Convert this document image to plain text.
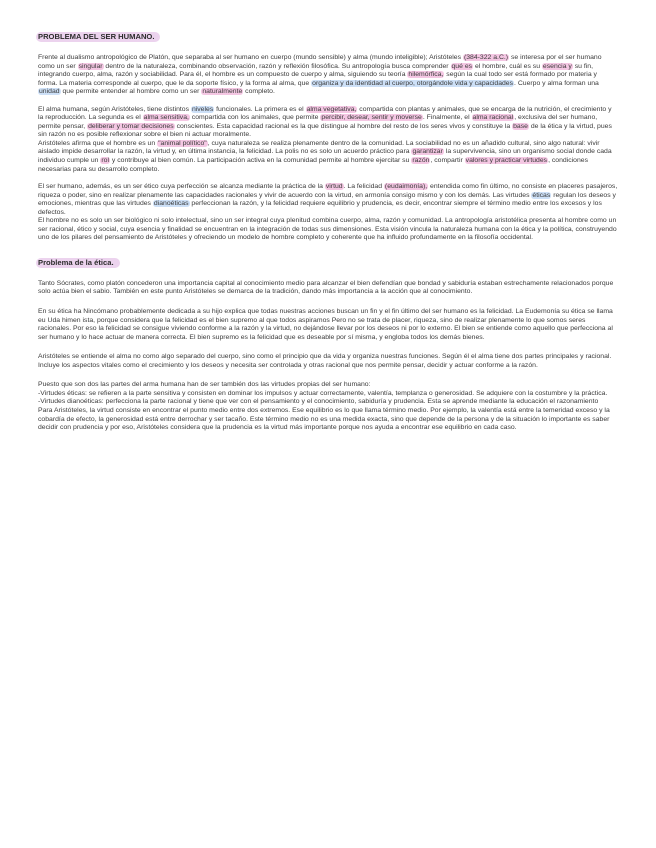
PROBLEMA DEL SER HUMANO.
Frente al dualismo antropológico de Platón, que separaba al ser humano en cuerpo (mundo sensible) y alma (mundo inteligible); Aristóteles (384-322 a.C.) se interesa por el ser humano como un ser singular dentro de la naturaleza, combinando observación, razón y reflexión filosófica. Su antropología busca comprender qué es el hombre, cuál es su esencia y su fin, integrando cuerpo, alma, razón y sociabilidad. Para él, el hombre es un compuesto de cuerpo y alma, siguiendo su teoría hilemórfica, según la cual todo ser está formado por materia y forma. La materia corresponde al cuerpo, que le da soporte físico, y la forma al alma, que organiza y da identidad al cuerpo, otorgándole vida y capacidades. Cuerpo y alma forman una unidad que permite entender al hombre como un ser naturalmente completo.
El alma humana, según Aristóteles, tiene distintos niveles funcionales. La primera es el alma vegetativa, compartida con plantas y animales, que se encarga de la nutrición, el crecimiento y la reproducción. La segunda es el alma sensitiva, compartida con los animales, que permite percibir, desear, sentir y moverse. Finalmente, el alma racional, exclusiva del ser humano, permite pensar, deliberar y tomar decisiones conscientes. Esta capacidad racional es la que distingue al hombre del resto de los seres vivos y constituye la base de la ética y la virtud, pues sin razón no es posible reflexionar sobre el bien ni actuar moralmente.
Aristóteles afirma que el hombre es un "animal político", cuya naturaleza se realiza plenamente dentro de la comunidad. La sociabilidad no es un añadido cultural, sino algo natural: vivir aislado impide desarrollar la razón, la virtud y, en última instancia, la felicidad. La polis no es solo un acuerdo práctico para garantizar la supervivencia, sino un organismo social donde cada individuo cumple un rol y contribuye al bien común. La participación activa en la comunidad permite al hombre ejercitar su razón, compartir valores y practicar virtudes, condiciones necesarias para su desarrollo completo.
El ser humano, además, es un ser ético cuya perfección se alcanza mediante la práctica de la virtud. La felicidad (eudaimonía), entendida como fin último, no consiste en placeres pasajeros, riqueza o poder, sino en realizar plenamente las capacidades racionales y vivir de acuerdo con la virtud, en armonía consigo mismo y con los demás. Las virtudes éticas regulan los deseos y emociones, mientras que las virtudes dianoéticas perfeccionan la razón, y la felicidad requiere equilibrio y prudencia, es decir, encontrar siempre el término medio entre los excesos y los defectos.
El hombre no es solo un ser biológico ni solo intelectual, sino un ser integral cuya plenitud combina cuerpo, alma, razón y comunidad. La antropología aristotélica presenta al hombre como un ser racional, ético y social, cuya esencia y finalidad se encuentran en la integración de todas sus dimensiones. Esta visión vincula la naturaleza humana con la ética y la política, construyendo uno de los pilares del pensamiento de Aristóteles y ofreciendo un modelo de hombre completo y coherente que ha influido profundamente en la filosofía occidental.
Problema de la ética.
Tanto Sócrates, como platón concederon una importancia capital al conocimiento medio para alcanzar el bien defendían que bondad y sabiduría estaban estrechamente relacionados porque solo actúa bien el sabio. También en este punto Aristóteles se demarca de la tradición, dando más importancia a la acción que al conocimiento.
En su ética ha Nincómano probablemente dedicada a su hijo explica que todas nuestras acciones buscan un fin y el fin último del ser humano es la felicidad. La Eudemonía su ética se llama eu Uda himen ista, porque considera que la felicidad es el bien supremo al que todos aspiramos Pero no se trata de placer, riqueza, sino de realizar plenamente lo que somos seres racionales. Por eso la felicidad se consigue viviendo conforme a la razón y la virtud, no dejándose llevar por los deseos ni por lo externo. El bien se entiende como aquello que perfecciona al ser humano y lo hace actuar de manera correcta. El bien supremo es la felicidad que es deseable por sí misma, y engloba todos los demás bienes.
Aristóteles se entiende el alma no como algo separado del cuerpo, sino como el principio que da vida y organiza nuestras funciones. Según él el alma tiene dos partes principales y racional. Incluye los aspectos vitales como el crecimiento y los deseos y necesita ser controlada y otras racional que nos permite pensar, decidir y actuar conforme a la razón.
Puesto que son dos las partes del arma humana han de ser también dos las virtudes propias del ser humano:
-Virtudes éticas: se refieren a la parte sensitiva y consisten en dominar los impulsos y actuar correctamente, valentía, templanza o generosidad. Se adquiere con la costumbre y la práctica.
-Virtudes dianoéticas: perfecciona la parte racional y tiene que ver con el pensamiento y el conocimiento, sabiduría y prudencia. Esta se aprende mediante la educación el razonamiento
Para Aristóteles, la virtud consiste en encontrar el punto medio entre dos extremos. Ese equilibrio es lo que llama término medio. Por ejemplo, la valentía está entre la temeridad exceso y la cobardía de efecto, la generosidad está entre derrochar y ser tacaño. Este término medio no es una medida exacta, sino que depende de la persona y de la situación lo importante es saber decidir con prudencia y por eso, Aristóteles considera que la prudencia es la virtud más importante porque nos ayuda a encontrar ese equilibrio en cada caso.
